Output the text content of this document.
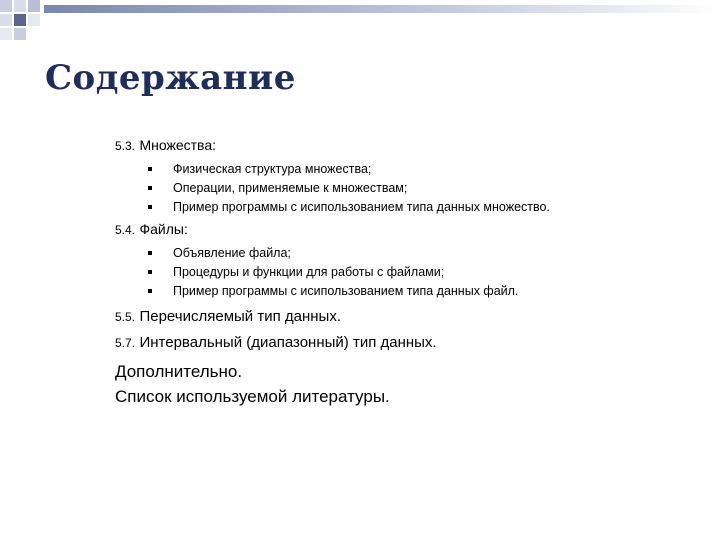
Содержание
5.3. Множества:
Физическая структура множества;
Операции, применяемые к множествам;
Пример программы с исипользованием типа данных множество.
5.4. Файлы:
Объявление файла;
Процедуры и функции для работы с файлами;
Пример программы с исипользованием типа данных файл.
5.5. Перечисляемый тип данных.
5.7. Интервальный (диапазонный) тип данных.
Дополнительно.
Список используемой литературы.
